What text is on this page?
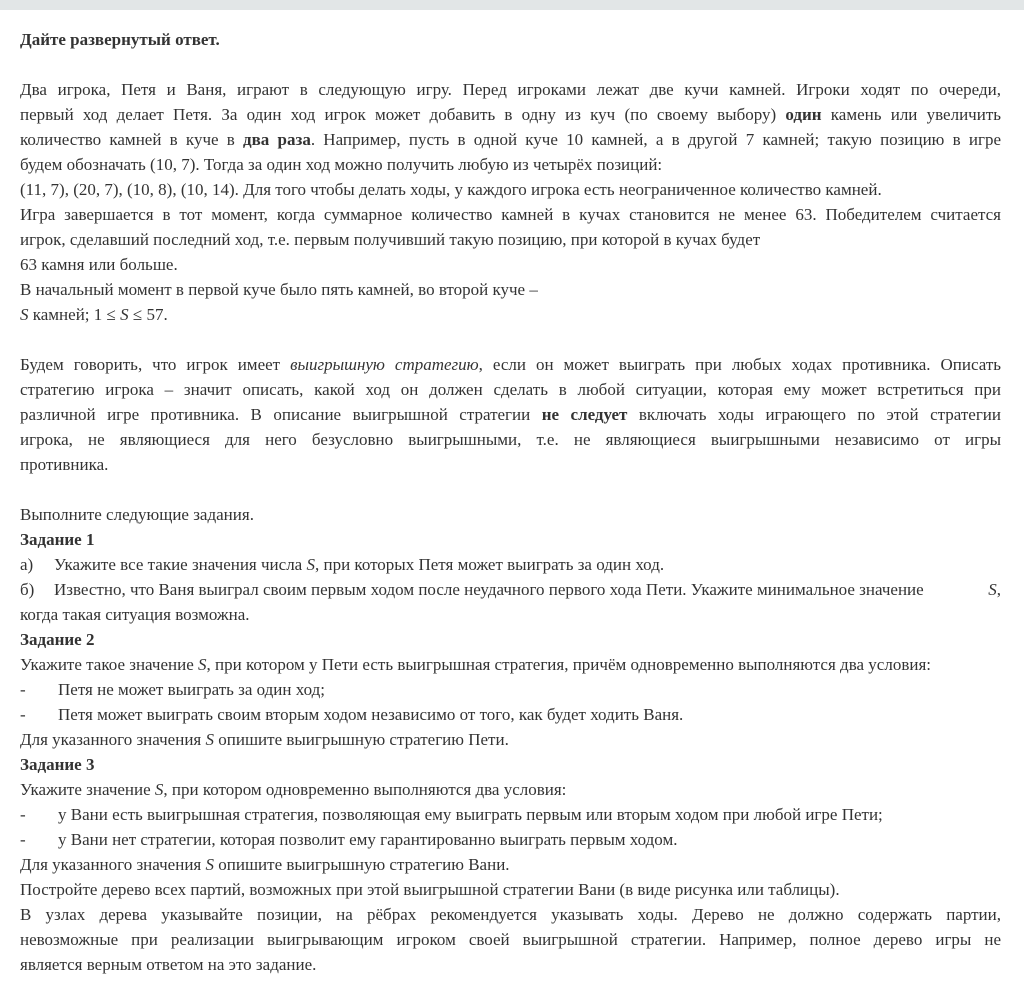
Дайте развернутый ответ.
Два игрока, Петя и Ваня, играют в следующую игру. Перед игроками лежат две кучи камней. Игроки ходят по очереди,
первый ход делает Петя. За один ход игрок может добавить в одну из куч (по своему выбору) один камень или увеличить
количество камней в куче в два раза. Например, пусть в одной куче 10 камней, а в другой 7 камней; такую позицию в игре
будем обозначать (10, 7). Тогда за один ход можно получить любую из четырёх позиций:
(11, 7), (20, 7), (10, 8), (10, 14). Для того чтобы делать ходы, у каждого игрока есть неограниченное количество камней.
Игра завершается в тот момент, когда суммарное количество камней в кучах становится не менее 63. Победителем считается
игрок, сделавший последний ход, т.е. первым получивший такую позицию, при которой в кучах будет
63 камня или больше.
В начальный момент в первой куче было пять камней, во второй куче –
S камней; 1 ≤ S ≤ 57.
Будем говорить, что игрок имеет выигрышную стратегию, если он может выиграть при любых ходах противника. Описать
стратегию игрока – значит описать, какой ход он должен сделать в любой ситуации, которая ему может встретиться при
различной игре противника. В описание выигрышной стратегии не следует включать ходы играющего по этой стратегии
игрока, не являющиеся для него безусловно выигрышными, т.е. не являющиеся выигрышными независимо от игры
противника.
Выполните следующие задания.
Задание 1
а)	Укажите все такие значения числа S, при которых Петя может выиграть за один ход.
б)	Известно, что Ваня выиграл своим первым ходом после неудачного первого хода Пети. Укажите минимальное значение	S,
когда такая ситуация возможна.
Задание 2
Укажите такое значение S, при котором у Пети есть выигрышная стратегия, причём одновременно выполняются два условия:
-	Петя не может выиграть за один ход;
-	Петя может выиграть своим вторым ходом независимо от того, как будет ходить Ваня.
Для указанного значения S опишите выигрышную стратегию Пети.
Задание 3
Укажите значение S, при котором одновременно выполняются два условия:
-	у Вани есть выигрышная стратегия, позволяющая ему выиграть первым или вторым ходом при любой игре Пети;
-	у Вани нет стратегии, которая позволит ему гарантированно выиграть первым ходом.
Для указанного значения S опишите выигрышную стратегию Вани.
Постройте дерево всех партий, возможных при этой выигрышной стратегии Вани (в виде рисунка или таблицы).
В узлах дерева указывайте позиции, на рёбрах рекомендуется указывать ходы. Дерево не должно содержать партии,
невозможные при реализации выигрывающим игроком своей выигрышной стратегии. Например, полное дерево игры не
является верным ответом на это задание.
